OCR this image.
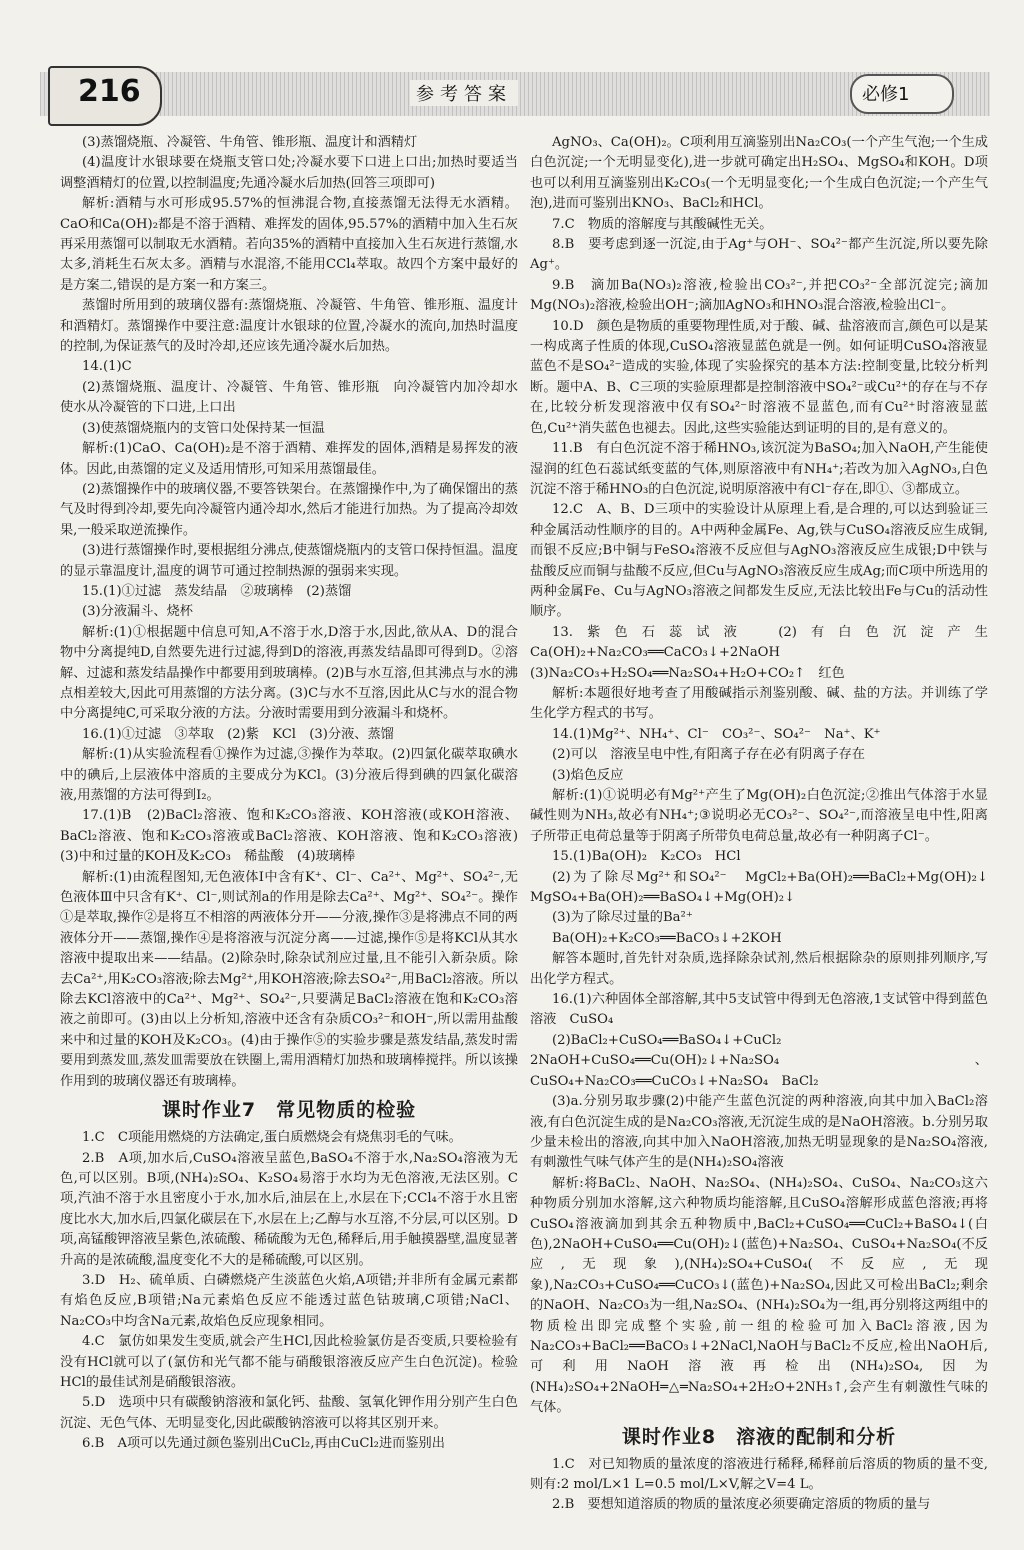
216	参考答案	必修1

(3)蒸馏烧瓶、冷凝管、牛角管、锥形瓶、温度计和酒精灯

(4)温度计水银球要在烧瓶支管口处;冷凝水要下口进上口出;加热时要适当调整酒精灯的位置,以控制温度;先通冷凝水后加热(回答三项即可)

解析:酒精与水可形成95.57%的恒沸混合物,直接蒸馏无法得无水酒精。CaO和Ca(OH)₂都是不溶于酒精、难挥发的固体,95.57%的酒精中加入生石灰再采用蒸馏可以制取无水酒精。若向35%的酒精中直接加入生石灰进行蒸馏,水太多,消耗生石灰太多。酒精与水混溶,不能用CCl₄萃取。故四个方案中最好的是方案二,错误的是方案一和方案三。

蒸馏时所用到的玻璃仪器有:蒸馏烧瓶、冷凝管、牛角管、锥形瓶、温度计和酒精灯。蒸馏操作中要注意:温度计水银球的位置,冷凝水的流向,加热时温度的控制,为保证蒸气的及时冷却,还应该先通冷凝水后加热。

14.(1)C

(2)蒸馏烧瓶、温度计、冷凝管、牛角管、锥形瓶　向冷凝管内加冷却水　使水从冷凝管的下口进,上口出

(3)使蒸馏烧瓶内的支管口处保持某一恒温

解析:(1)CaO、Ca(OH)₂是不溶于酒精、难挥发的固体,酒精是易挥发的液体。因此,由蒸馏的定义及适用情形,可知采用蒸馏最佳。

(2)蒸馏操作中的玻璃仪器,不要答铁架台。在蒸馏操作中,为了确保馏出的蒸气及时得到冷却,要先向冷凝管内通冷却水,然后才能进行加热。为了提高冷却效果,一般采取逆流操作。

(3)进行蒸馏操作时,要根据组分沸点,使蒸馏烧瓶内的支管口保持恒温。温度的显示靠温度计,温度的调节可通过控制热源的强弱来实现。

15.(1)①过滤　蒸发结晶　②玻璃棒　(2)蒸馏

(3)分液漏斗、烧杯

解析:(1)①根据题中信息可知,A不溶于水,D溶于水,因此,欲从A、D的混合物中分离提纯D,自然要先进行过滤,得到D的溶液,再蒸发结晶即可得到D。②溶解、过滤和蒸发结晶操作中都要用到玻璃棒。(2)B与水互溶,但其沸点与水的沸点相差较大,因此可用蒸馏的方法分离。(3)C与水不互溶,因此从C与水的混合物中分离提纯C,可采取分液的方法。分液时需要用到分液漏斗和烧杯。

16.(1)①过滤　③萃取　(2)紫　KCl　(3)分液、蒸馏

解析:(1)从实验流程看①操作为过滤,③操作为萃取。(2)四氯化碳萃取碘水中的碘后,上层液体中溶质的主要成分为KCl。(3)分液后得到碘的四氯化碳溶液,用蒸馏的方法可得到I₂。

17.(1)B　(2)BaCl₂溶液、饱和K₂CO₃溶液、KOH溶液(或KOH溶液、BaCl₂溶液、饱和K₂CO₃溶液或BaCl₂溶液、KOH溶液、饱和K₂CO₃溶液)　(3)中和过量的KOH及K₂CO₃　稀盐酸　(4)玻璃棒

解析:(1)由流程图知,无色液体Ⅰ中含有K⁺、Cl⁻、Ca²⁺、Mg²⁺、SO₄²⁻,无色液体Ⅲ中只含有K⁺、Cl⁻,则试剂a的作用是除去Ca²⁺、Mg²⁺、SO₄²⁻。操作①是萃取,操作②是将互不相溶的两液体分开——分液,操作③是将沸点不同的两液体分开——蒸馏,操作④是将溶液与沉淀分离——过滤,操作⑤是将KCl从其水溶液中提取出来——结晶。(2)除杂时,除杂试剂应过量,且不能引入新杂质。除去Ca²⁺,用K₂CO₃溶液;除去Mg²⁺,用KOH溶液;除去SO₄²⁻,用BaCl₂溶液。所以除去KCl溶液中的Ca²⁺、Mg²⁺、SO₄²⁻,只要满足BaCl₂溶液在饱和K₂CO₃溶液之前即可。(3)由以上分析知,溶液中还含有杂质CO₃²⁻和OH⁻,所以需用盐酸来中和过量的KOH及K₂CO₃。(4)由于操作⑤的实验步骤是蒸发结晶,蒸发时需要用到蒸发皿,蒸发皿需要放在铁圈上,需用酒精灯加热和玻璃棒搅拌。所以该操作用到的玻璃仪器还有玻璃棒。

课时作业7　常见物质的检验

1.C　C项能用燃烧的方法确定,蛋白质燃烧会有烧焦羽毛的气味。

2.B　A项,加水后,CuSO₄溶液呈蓝色,BaSO₄不溶于水,Na₂SO₄溶液为无色,可以区别。B项,(NH₄)₂SO₄、K₂SO₄易溶于水均为无色溶液,无法区别。C项,汽油不溶于水且密度小于水,加水后,油层在上,水层在下;CCl₄不溶于水且密度比水大,加水后,四氯化碳层在下,水层在上;乙醇与水互溶,不分层,可以区别。D项,高锰酸钾溶液呈紫色,浓硫酸、稀硫酸为无色,稀释后,用手触摸器壁,温度显著升高的是浓硫酸,温度变化不大的是稀硫酸,可以区别。

3.D　H₂、硫单质、白磷燃烧产生淡蓝色火焰,A项错;并非所有金属元素都有焰色反应,B项错;Na元素焰色反应不能透过蓝色钴玻璃,C项错;NaCl、Na₂CO₃中均含Na元素,故焰色反应现象相同。

4.C　氯仿如果发生变质,就会产生HCl,因此检验氯仿是否变质,只要检验有没有HCl就可以了(氯仿和光气都不能与硝酸银溶液反应产生白色沉淀)。检验HCl的最佳试剂是硝酸银溶液。

5.D　选项中只有碳酸钠溶液和氯化钙、盐酸、氢氧化钾作用分别产生白色沉淀、无色气体、无明显变化,因此碳酸钠溶液可以将其区别开来。

6.B　A项可以先通过颜色鉴别出CuCl₂,再由CuCl₂进而鉴别出

AgNO₃、Ca(OH)₂。C项利用互滴鉴别出Na₂CO₃(一个产生气泡;一个生成白色沉淀;一个无明显变化),进一步就可确定出H₂SO₄、MgSO₄和KOH。D项也可以利用互滴鉴别出K₂CO₃(一个无明显变化;一个生成白色沉淀;一个产生气泡),进而可鉴别出KNO₃、BaCl₂和HCl。

7.C　物质的溶解度与其酸碱性无关。

8.B　要考虑到逐一沉淀,由于Ag⁺与OH⁻、SO₄²⁻都产生沉淀,所以要先除Ag⁺。

9.B　滴加Ba(NO₃)₂溶液,检验出CO₃²⁻,并把CO₃²⁻全部沉淀完;滴加Mg(NO₃)₂溶液,检验出OH⁻;滴加AgNO₃和HNO₃混合溶液,检验出Cl⁻。

10.D　颜色是物质的重要物理性质,对于酸、碱、盐溶液而言,颜色可以是某一构成离子性质的体现,CuSO₄溶液显蓝色就是一例。如何证明CuSO₄溶液显蓝色不是SO₄²⁻造成的实验,体现了实验探究的基本方法:控制变量,比较分析判断。题中A、B、C三项的实验原理都是控制溶液中SO₄²⁻或Cu²⁺的存在与不存在,比较分析发现溶液中仅有SO₄²⁻时溶液不显蓝色,而有Cu²⁺时溶液显蓝色,Cu²⁺消失蓝色也褪去。因此,这些实验能达到证明的目的,是有意义的。

11.B　有白色沉淀不溶于稀HNO₃,该沉淀为BaSO₄;加入NaOH,产生能使湿润的红色石蕊试纸变蓝的气体,则原溶液中有NH₄⁺;若改为加入AgNO₃,白色沉淀不溶于稀HNO₃的白色沉淀,说明原溶液中有Cl⁻存在,即①、③都成立。

12.C　A、B、D三项中的实验设计从原理上看,是合理的,可以达到验证三种金属活动性顺序的目的。A中两种金属Fe、Ag,铁与CuSO₄溶液反应生成铜,而银不反应;B中铜与FeSO₄溶液不反应但与AgNO₃溶液反应生成银;D中铁与盐酸反应而铜与盐酸不反应,但Cu与AgNO₃溶液反应生成Ag;而C项中所选用的两种金属Fe、Cu与AgNO₃溶液之间都发生反应,无法比较出Fe与Cu的活动性顺序。

13.紫色石蕊试液　(2)有白色沉淀产生　Ca(OH)₂+Na₂CO₃══CaCO₃↓+2NaOH　(3)Na₂CO₃+H₂SO₄══Na₂SO₄+H₂O+CO₂↑　红色

解析:本题很好地考查了用酸碱指示剂鉴别酸、碱、盐的方法。并训练了学生化学方程式的书写。

14.(1)Mg²⁺、NH₄⁺、Cl⁻　CO₃²⁻、SO₄²⁻　Na⁺、K⁺

(2)可以　溶液呈电中性,有阳离子存在必有阴离子存在

(3)焰色反应

解析:(1)①说明必有Mg²⁺产生了Mg(OH)₂白色沉淀;②推出气体溶于水显碱性则为NH₃,故必有NH₄⁺;③说明必无CO₃²⁻、SO₄²⁻,而溶液呈电中性,阳离子所带正电荷总量等于阴离子所带负电荷总量,故必有一种阴离子Cl⁻。

15.(1)Ba(OH)₂　K₂CO₃　HCl

(2)为了除尽Mg²⁺和SO₄²⁻　MgCl₂+Ba(OH)₂══BaCl₂+Mg(OH)₂↓　MgSO₄+Ba(OH)₂══BaSO₄↓+Mg(OH)₂↓

(3)为了除尽过量的Ba²⁺

Ba(OH)₂+K₂CO₃══BaCO₃↓+2KOH

解答本题时,首先针对杂质,选择除杂试剂,然后根据除杂的原则排列顺序,写出化学方程式。

16.(1)六种固体全部溶解,其中5支试管中得到无色溶液,1支试管中得到蓝色溶液　CuSO₄

(2)BaCl₂+CuSO₄══BaSO₄↓+CuCl₂　2NaOH+CuSO₄══Cu(OH)₂↓+Na₂SO₄、CuSO₄+Na₂CO₃══CuCO₃↓+Na₂SO₄　BaCl₂

(3)a.分别另取步骤(2)中能产生蓝色沉淀的两种溶液,向其中加入BaCl₂溶液,有白色沉淀生成的是Na₂CO₃溶液,无沉淀生成的是NaOH溶液。b.分别另取少量未检出的溶液,向其中加入NaOH溶液,加热无明显现象的是Na₂SO₄溶液,有刺激性气味气体产生的是(NH₄)₂SO₄溶液

解析:将BaCl₂、NaOH、Na₂SO₄、(NH₄)₂SO₄、CuSO₄、Na₂CO₃这六种物质分别加水溶解,这六种物质均能溶解,且CuSO₄溶解形成蓝色溶液;再将CuSO₄溶液滴加到其余五种物质中,BaCl₂+CuSO₄══CuCl₂+BaSO₄↓(白色),2NaOH+CuSO₄══Cu(OH)₂↓(蓝色)+Na₂SO₄、CuSO₄+Na₂SO₄(不反应,无现象),(NH₄)₂SO₄+CuSO₄(不反应,无现象),Na₂CO₃+CuSO₄══CuCO₃↓(蓝色)+Na₂SO₄,因此又可检出BaCl₂;剩余的NaOH、Na₂CO₃为一组,Na₂SO₄、(NH₄)₂SO₄为一组,再分别将这两组中的物质检出即完成整个实验,前一组的检验可加入BaCl₂溶液,因为Na₂CO₃+BaCl₂══BaCO₃↓+2NaCl,NaOH与BaCl₂不反应,检出NaOH后,可利用NaOH溶液再检出(NH₄)₂SO₄,因为(NH₄)₂SO₄+2NaOH═△═Na₂SO₄+2H₂O+2NH₃↑,会产生有刺激性气味的气体。

课时作业8　溶液的配制和分析

1.C　对已知物质的量浓度的溶液进行稀释,稀释前后溶质的物质的量不变,则有:2 mol/L×1 L=0.5 mol/L×V,解之V=4 L。

2.B　要想知道溶质的物质的量浓度必须要确定溶质的物质的量与
